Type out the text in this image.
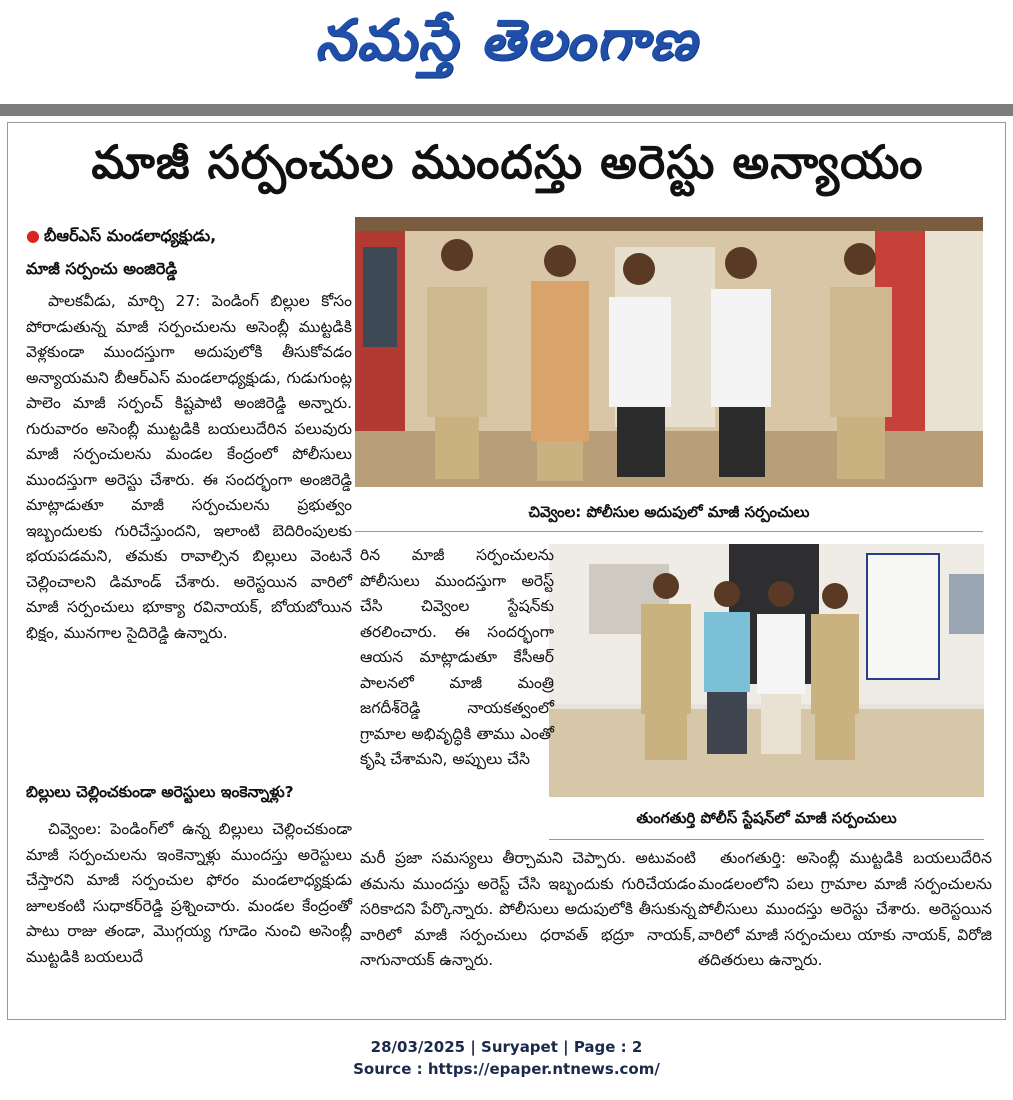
నమస్తే తెలంగాణ
మాజీ సర్పంచుల ముందస్తు అరెస్టు అన్యాయం
● బీఆర్ఎస్ మండలాధ్యక్షుడు,
మాజీ సర్పంచు అంజిరెడ్డి
చివ్వెంల: పోలీసుల అదుపులో మాజీ సర్పంచులు
తుంగతుర్తి పోలీస్ స్టేషన్‌లో మాజీ సర్పంచులు

పాలకవీడు, మార్చి 27: పెండింగ్ బిల్లుల కోసం పోరాడుతున్న మాజీ సర్పంచులను అసెంబ్లీ ముట్టడికి వెళ్లకుండా ముందస్తుగా అదుపులోకి తీసుకోవడం అన్యాయమని బీఆర్ఎస్ మండలాధ్యక్షుడు, గుడుగుంట్ల పాలెం మాజీ సర్పంచ్ కిష్టపాటి అంజిరెడ్డి అన్నారు. గురువారం అసెంబ్లీ ముట్టడికి బయలుదేరిన పలువురు మాజీ సర్పంచులను మండల కేంద్రంలో పోలీసులు ముందస్తుగా అరెస్టు చేశారు. ఈ సందర్భంగా అంజిరెడ్డి మాట్లాడుతూ మాజీ సర్పంచులను ప్రభుత్వం ఇబ్బందులకు గురిచేస్తుందని, ఇలాంటి బెదిరింపులకు భయపడమని, తమకు రావాల్సిన బిల్లులు వెంటనే చెల్లించాలని డిమాండ్ చేశారు. అరెస్టయిన వారిలో మాజీ సర్పంచులు భూక్యా రవినాయక్, బోయబోయిన భిక్షం, మునగాల సైదిరెడ్డి ఉన్నారు.

బిల్లులు చెల్లించకుండా అరెస్టులు ఇంకెన్నాళ్లు?

చివ్వెంల: పెండింగ్‌లో ఉన్న బిల్లులు చెల్లించకుండా మాజీ సర్పంచులను ఇంకెన్నాళ్లు ముందస్తు అరెస్టులు చేస్తారని మాజీ సర్పంచుల ఫోరం మండలాధ్యక్షుడు జూలకంటి సుధాకర్‌రెడ్డి ప్రశ్నించారు. మండల కేంద్రంతో పాటు రాజు తండా, మొగ్గయ్య గూడెం నుంచి అసెంబ్లీ ముట్టడికి బయలుదే

రిన మాజీ సర్పంచులను పోలీసులు ముందస్తుగా అరెస్ట్ చేసి చివ్వెంల స్టేషన్‌కు తరలించారు. ఈ సందర్భంగా ఆయన మాట్లాడుతూ కేసీఆర్ పాలనలో మాజీ మంత్రి జగదీశ్‌రెడ్డి నాయకత్వంలో గ్రామాల అభివృద్ధికి తాము ఎంతో కృషి చేశామని, అప్పులు చేసి

మరీ ప్రజా సమస్యలు తీర్చామని చెప్పారు. అటువంటి తమను ముందస్తు అరెస్ట్ చేసి ఇబ్బందుకు గురిచేయడం సరికాదని పేర్కొన్నారు. పోలీసులు అదుపులోకి తీసుకున్న వారిలో మాజీ సర్పంచులు ధరావత్ భద్రూ నాయక్, నాగునాయక్ ఉన్నారు.

తుంగతుర్తి: అసెంబ్లీ ముట్టడికి బయలుదేరిన మండలంలోని పలు గ్రామాల మాజీ సర్పంచులను పోలీసులు ముందస్తు అరెస్టు చేశారు. అరెస్టయిన వారిలో మాజీ సర్పంచులు యాకు నాయక్, విరోజి తదితరులు ఉన్నారు.

28/03/2025 | Suryapet | Page : 2
Source : https://epaper.ntnews.com/
